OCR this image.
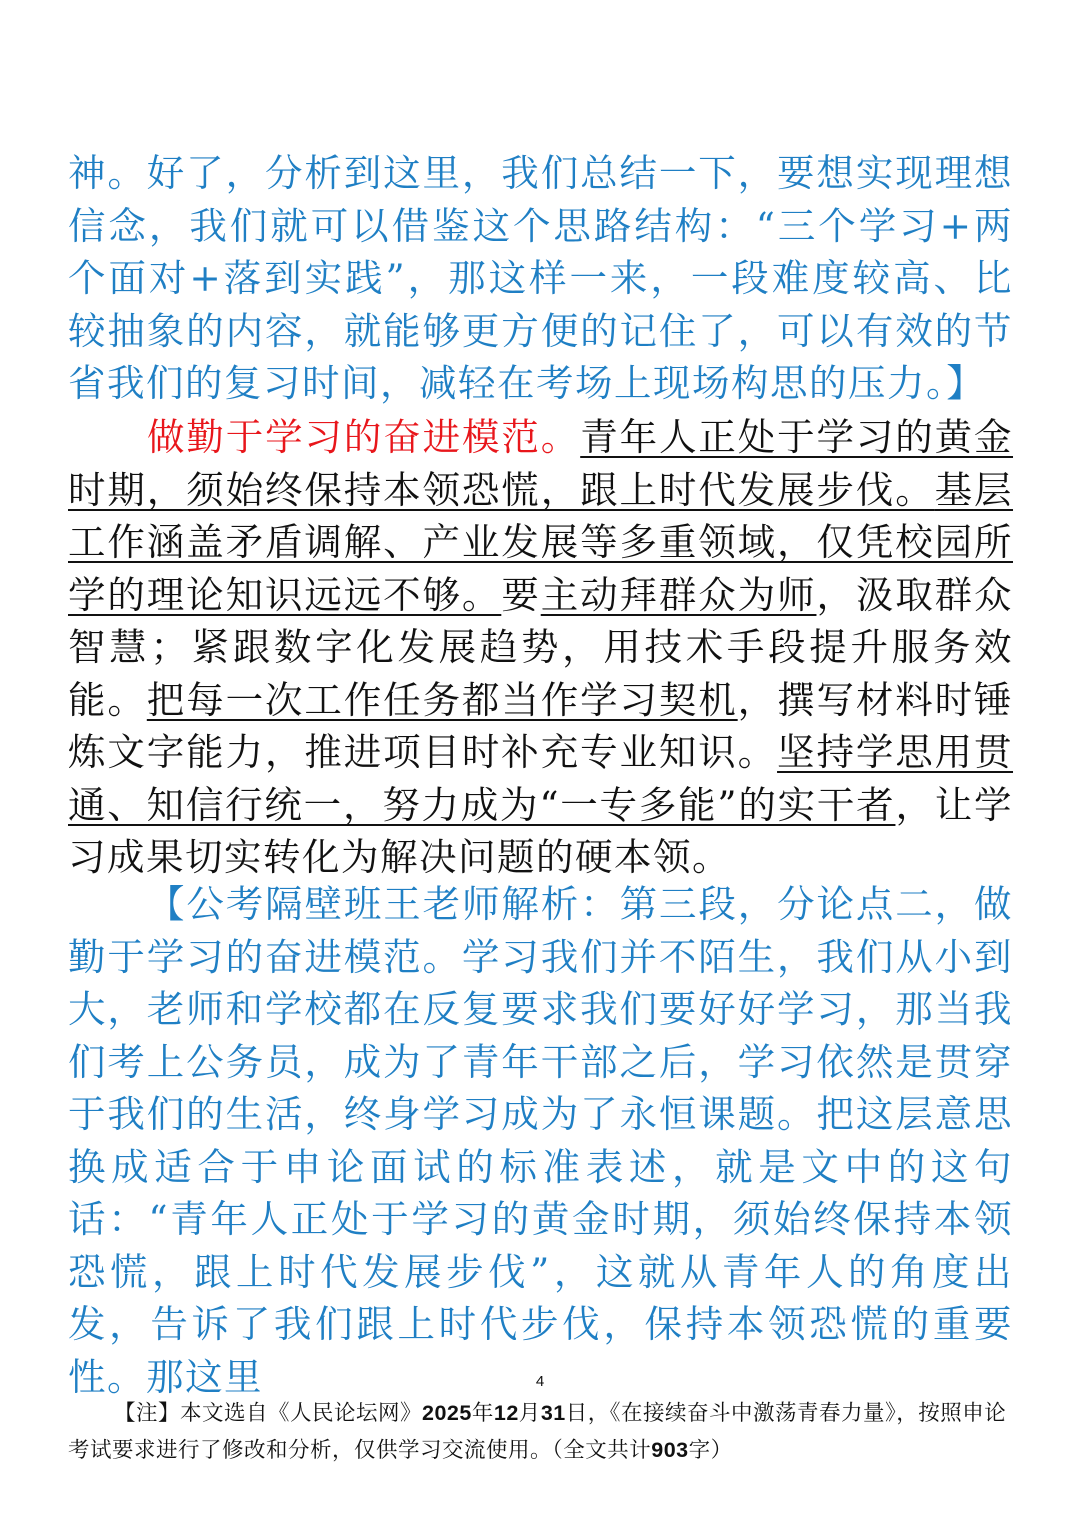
神。好了，分析到这里，我们总结一下，要想实现理想信念，我们就可以借鉴这个思路结构：“三个学习+两个面对+落到实践”，那这样一来，一段难度较高、比较抽象的内容，就能够更方便的记住了，可以有效的节省我们的复习时间，减轻在考场上现场构思的压力。】

做勤于学习的奋进模范。青年人正处于学习的黄金时期，须始终保持本领恐慌，跟上时代发展步伐。基层工作涵盖矛盾调解、产业发展等多重领域，仅凭校园所学的理论知识远远不够。要主动拜群众为师，汲取群众智慧；紧跟数字化发展趋势，用技术手段提升服务效能。把每一次工作任务都当作学习契机，撰写材料时锤炼文字能力，推进项目时补充专业知识。坚持学思用贯通、知信行统一，努力成为“一专多能”的实干者，让学习成果切实转化为解决问题的硬本领。

【公考隔壁班王老师解析：第三段，分论点二，做勤于学习的奋进模范。学习我们并不陌生，我们从小到大，老师和学校都在反复要求我们要好好学习，那当我们考上公务员，成为了青年干部之后，学习依然是贯穿于我们的生活，终身学习成为了永恒课题。把这层意思换成适合于申论面试的标准表述，就是文中的这句话：“青年人正处于学习的黄金时期，须始终保持本领恐慌，跟上时代发展步伐”，这就从青年人的角度出发，告诉了我们跟上时代步伐，保持本领恐慌的重要性。那这里	4

【注】本文选自《人民论坛网》2025年12月31日，《在接续奋斗中激荡青春力量》，按照申论考试要求进行了修改和分析，仅供学习交流使用。（全文共计903字）
